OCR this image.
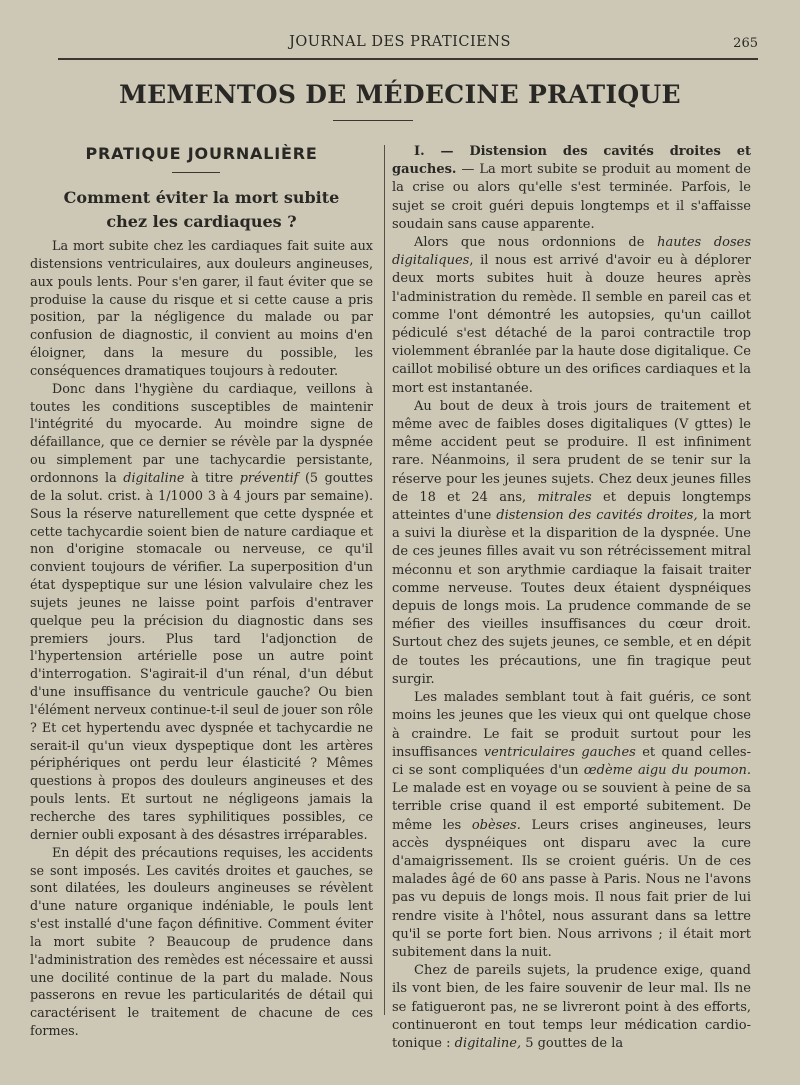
JOURNAL DES PRATICIENS	265
MEMENTOS DE MÉDECINE PRATIQUE
PRATIQUE JOURNALIÈRE
Comment éviter la mort subite
chez les cardiaques ?

La mort subite chez les cardiaques fait suite aux distensions ventriculaires, aux douleurs angineuses, aux pouls lents. Pour s'en garer, il faut éviter que se produise la cause du risque et si cette cause a pris position, par la négligence du malade ou par confusion de diagnostic, il convient au moins d'en éloigner, dans la mesure du possible, les conséquences dramatiques toujours à redouter.

Donc dans l'hygiène du cardiaque, veillons à toutes les conditions susceptibles de maintenir l'intégrité du myocarde. Au moindre signe de défaillance, que ce dernier se révèle par la dyspnée ou simplement par une tachycardie persistante, ordonnons la digitaline à titre préventif (5 gouttes de la solut. crist. à 1/1000 3 à 4 jours par semaine). Sous la réserve naturellement que cette dyspnée et cette tachycardie soient bien de nature cardiaque et non d'origine stomacale ou nerveuse, ce qu'il convient toujours de vérifier. La superposition d'un état dyspeptique sur une lésion valvulaire chez les sujets jeunes ne laisse point parfois d'entraver quelque peu la précision du diagnostic dans ses premiers jours. Plus tard l'adjonction de l'hypertension artérielle pose un autre point d'interrogation. S'agirait-il d'un rénal, d'un début d'une insuffisance du ventricule gauche? Ou bien l'élément nerveux continue-t-il seul de jouer son rôle ? Et cet hypertendu avec dyspnée et tachycardie ne serait-il qu'un vieux dyspeptique dont les artères périphériques ont perdu leur élasticité ? Mêmes questions à propos des douleurs angineuses et des pouls lents. Et surtout ne négligeons jamais la recherche des tares syphilitiques possibles, ce dernier oubli exposant à des désastres irréparables.

En dépit des précautions requises, les accidents se sont imposés. Les cavités droites et gauches, se sont dilatées, les douleurs angineuses se révèlent d'une nature organique indéniable, le pouls lent s'est installé d'une façon définitive. Comment éviter la mort subite ? Beaucoup de prudence dans l'administration des remèdes est nécessaire et aussi une docilité continue de la part du malade. Nous passerons en revue les particularités de détail qui caractérisent le traitement de chacune de ces formes.

I. — Distension des cavités droites et gauches. — La mort subite se produit au moment de la crise ou alors qu'elle s'est terminée. Parfois, le sujet se croit guéri depuis longtemps et il s'affaisse soudain sans cause apparente.

Alors que nous ordonnions de hautes doses digitaliques, il nous est arrivé d'avoir eu à déplorer deux morts subites huit à douze heures après l'administration du remède. Il semble en pareil cas et comme l'ont démontré les autopsies, qu'un caillot pédiculé s'est détaché de la paroi contractile trop violemment ébranlée par la haute dose digitalique. Ce caillot mobilisé obture un des orifices cardiaques et la mort est instantanée.

Au bout de deux à trois jours de traitement et même avec de faibles doses digitaliques (V gttes) le même accident peut se produire. Il est infiniment rare. Néanmoins, il sera prudent de se tenir sur la réserve pour les jeunes sujets. Chez deux jeunes filles de 18 et 24 ans, mitrales et depuis longtemps atteintes d'une distension des cavités droites, la mort a suivi la diurèse et la disparition de la dyspnée. Une de ces jeunes filles avait vu son rétrécissement mitral méconnu et son arythmie cardiaque la faisait traiter comme nerveuse. Toutes deux étaient dyspnéiques depuis de longs mois. La prudence commande de se méfier des vieilles insuffisances du cœur droit. Surtout chez des sujets jeunes, ce semble, et en dépit de toutes les précautions, une fin tragique peut surgir.

Les malades semblant tout à fait guéris, ce sont moins les jeunes que les vieux qui ont quelque chose à craindre. Le fait se produit surtout pour les insuffisances ventriculaires gauches et quand celles-ci se sont compliquées d'un œdème aigu du poumon. Le malade est en voyage ou se souvient à peine de sa terrible crise quand il est emporté subitement. De même les obèses. Leurs crises angineuses, leurs accès dyspnéiques ont disparu avec la cure d'amaigrissement. Ils se croient guéris. Un de ces malades âgé de 60 ans passe à Paris. Nous ne l'avons pas vu depuis de longs mois. Il nous fait prier de lui rendre visite à l'hôtel, nous assurant dans sa lettre qu'il se porte fort bien. Nous arrivons ; il était mort subitement dans la nuit.

Chez de pareils sujets, la prudence exige, quand ils vont bien, de les faire souvenir de leur mal. Ils ne se fatigueront pas, ne se livreront point à des efforts, continueront en tout temps leur médication cardio-tonique : digitaline, 5 gouttes de la
